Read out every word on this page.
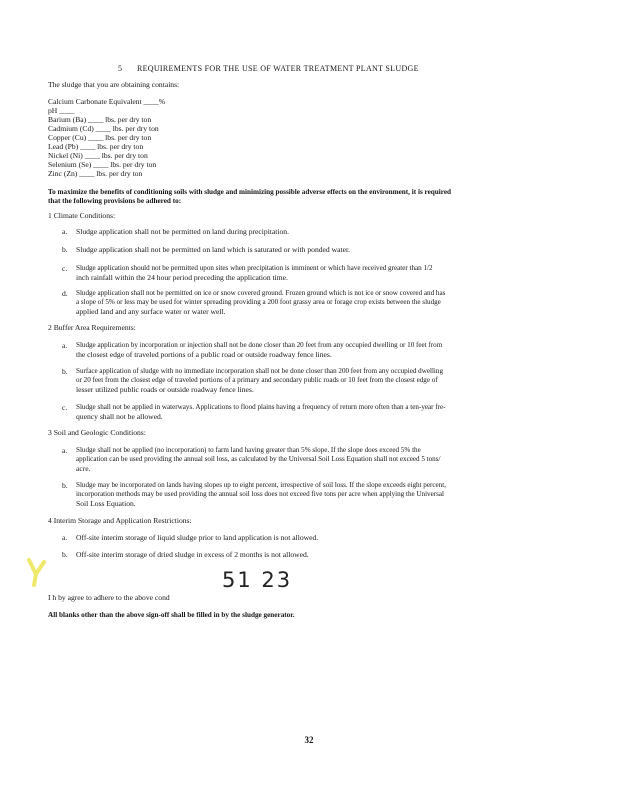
5 REQUIREMENTS FOR THE USE OF WATER TREATMENT PLANT SLUDGE
The sludge that you are obtaining contains:
Calcium Carbonate Equivalent ____%
pH ____
Barium (Ba) ____ lbs. per dry ton
Cadmium (Cd) ____ lbs. per dry ton
Copper (Cu) ____ lbs. per dry ton
Lead (Pb) ____ lbs. per dry ton
Nickel (Ni) ____ lbs. per dry ton
Selenium (Se) ____ lbs. per dry ton
Zinc (Zn) ____ lbs. per dry ton
To maximize the benefits of conditioning soils with sludge and minimizing possible adverse effects on the environment, it is required
that the following provisions be adhered to:
1 Climate Conditions:
a. Sludge application shall not be permitted on land during precipitation.
b. Sludge application shall not be permitted on land which is saturated or with ponded water.
c. Sludge application should not be permitted upon sites when precipitation is imminent or which have received greater than 1/2
inch rainfall within the 24 hour period preceding the application time.
d. Sludge application shall not be permitted on ice or snow covered ground. Frozen ground which is not ice or snow covered and has
a slope of 5% or less may be used for winter spreading providing a 200 foot grassy area or forage crop exists between the sludge
applied land and any surface water or water well.
2 Buffer Area Requirements:
a. Sludge application by incorporation or injection shall not be done closer than 20 feet from any occupied dwelling or 10 feet from
the closest edge of traveled portions of a public road or outside roadway fence lines.
b. Surface application of sludge with no immediate incorporation shall not be done closer than 200 feet from any occupied dwelling
or 20 feet from the closest edge of traveled portions of a primary and secondary public roads or 10 feet from the closest edge of
lesser utilized public roads or outside roadway fence lines.
c. Sludge shall not be applied in waterways. Applications to flood plains having a frequency of return more often than a ten-year fre-
quency shall not be allowed.
3 Soil and Geologic Conditions:
a. Sludge shall not be applied (no incorporation) to farm land having greater than 5% slope. If the slope does exceed 5% the
application can be used providing the annual soil loss, as calculated by the Universal Soil Loss Equation shall not exceed 5 tons/
acre.
b. Sludge may be incorporated on lands having slopes up to eight percent, irrespective of soil loss. If the slope exceeds eight percent,
incorporation methods may be used providing the annual soil loss does not exceed five tons per acre when applying the Universal
Soil Loss Equation.
4 Interim Storage and Application Restrictions:
a. Off-site interim storage of liquid sludge prior to land application is not allowed.
b. Off-site interim storage of dried sludge in excess of 2 months is not allowed.
51 23
I h by agree to adhere to the above cond
All blanks other than the above sign-off shall be filled in by the sludge generator.
32
